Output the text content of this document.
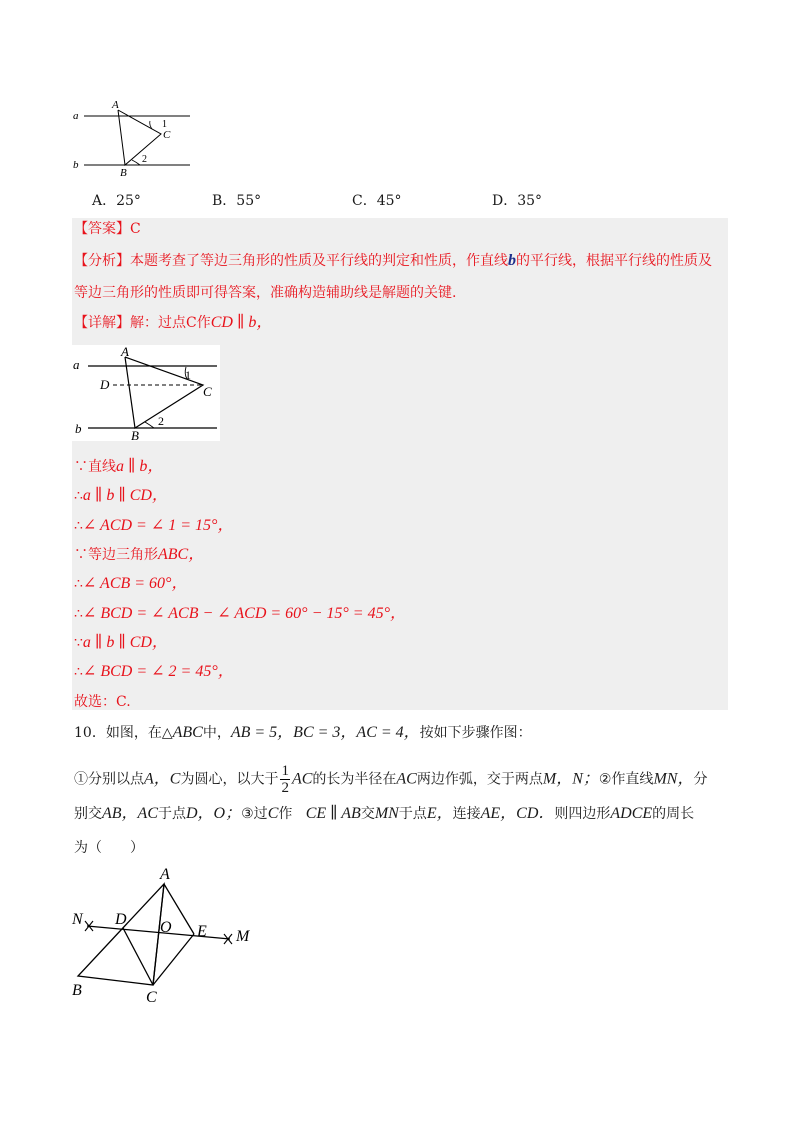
a
b
A
B
C
1
2
A．25°	B．55°	C．45°	D．35°
【答案】C
【分析】本题考查了等边三角形的性质及平行线的判定和性质，作直线b的平行线，根据平行线的性质及
等边三角形的性质即可得答案，准确构造辅助线是解题的关键.
【详解】解：过点C作CD ∥ b，
a
b
A
B
C
D
1
2
∵直线a ∥ b，
∴a ∥ b ∥ CD，
∴∠ ACD = ∠ 1 = 15°，
∵等边三角形ABC，
∴∠ ACB = 60°，
∴∠ BCD = ∠ ACB − ∠ ACD = 60° − 15° = 45°，
∵a ∥ b ∥ CD，
∴∠ BCD = ∠ 2 = 45°，
故选：C.
10．如图，在△ABC中，AB = 5，BC = 3，AC = 4，按如下步骤作图：
①分别以点A，C为圆心，以大于 $\frac{1}{2}$ AC的长为半径在AC两边作弧，交于两点M，N；②作直线MN，分
别交AB，AC于点D，O；③过C作 CE ∥ AB交MN于点E，连接AE，CD．则四边形ADCE的周长
为（　　）
A
B	C
D
E
O
M
N
